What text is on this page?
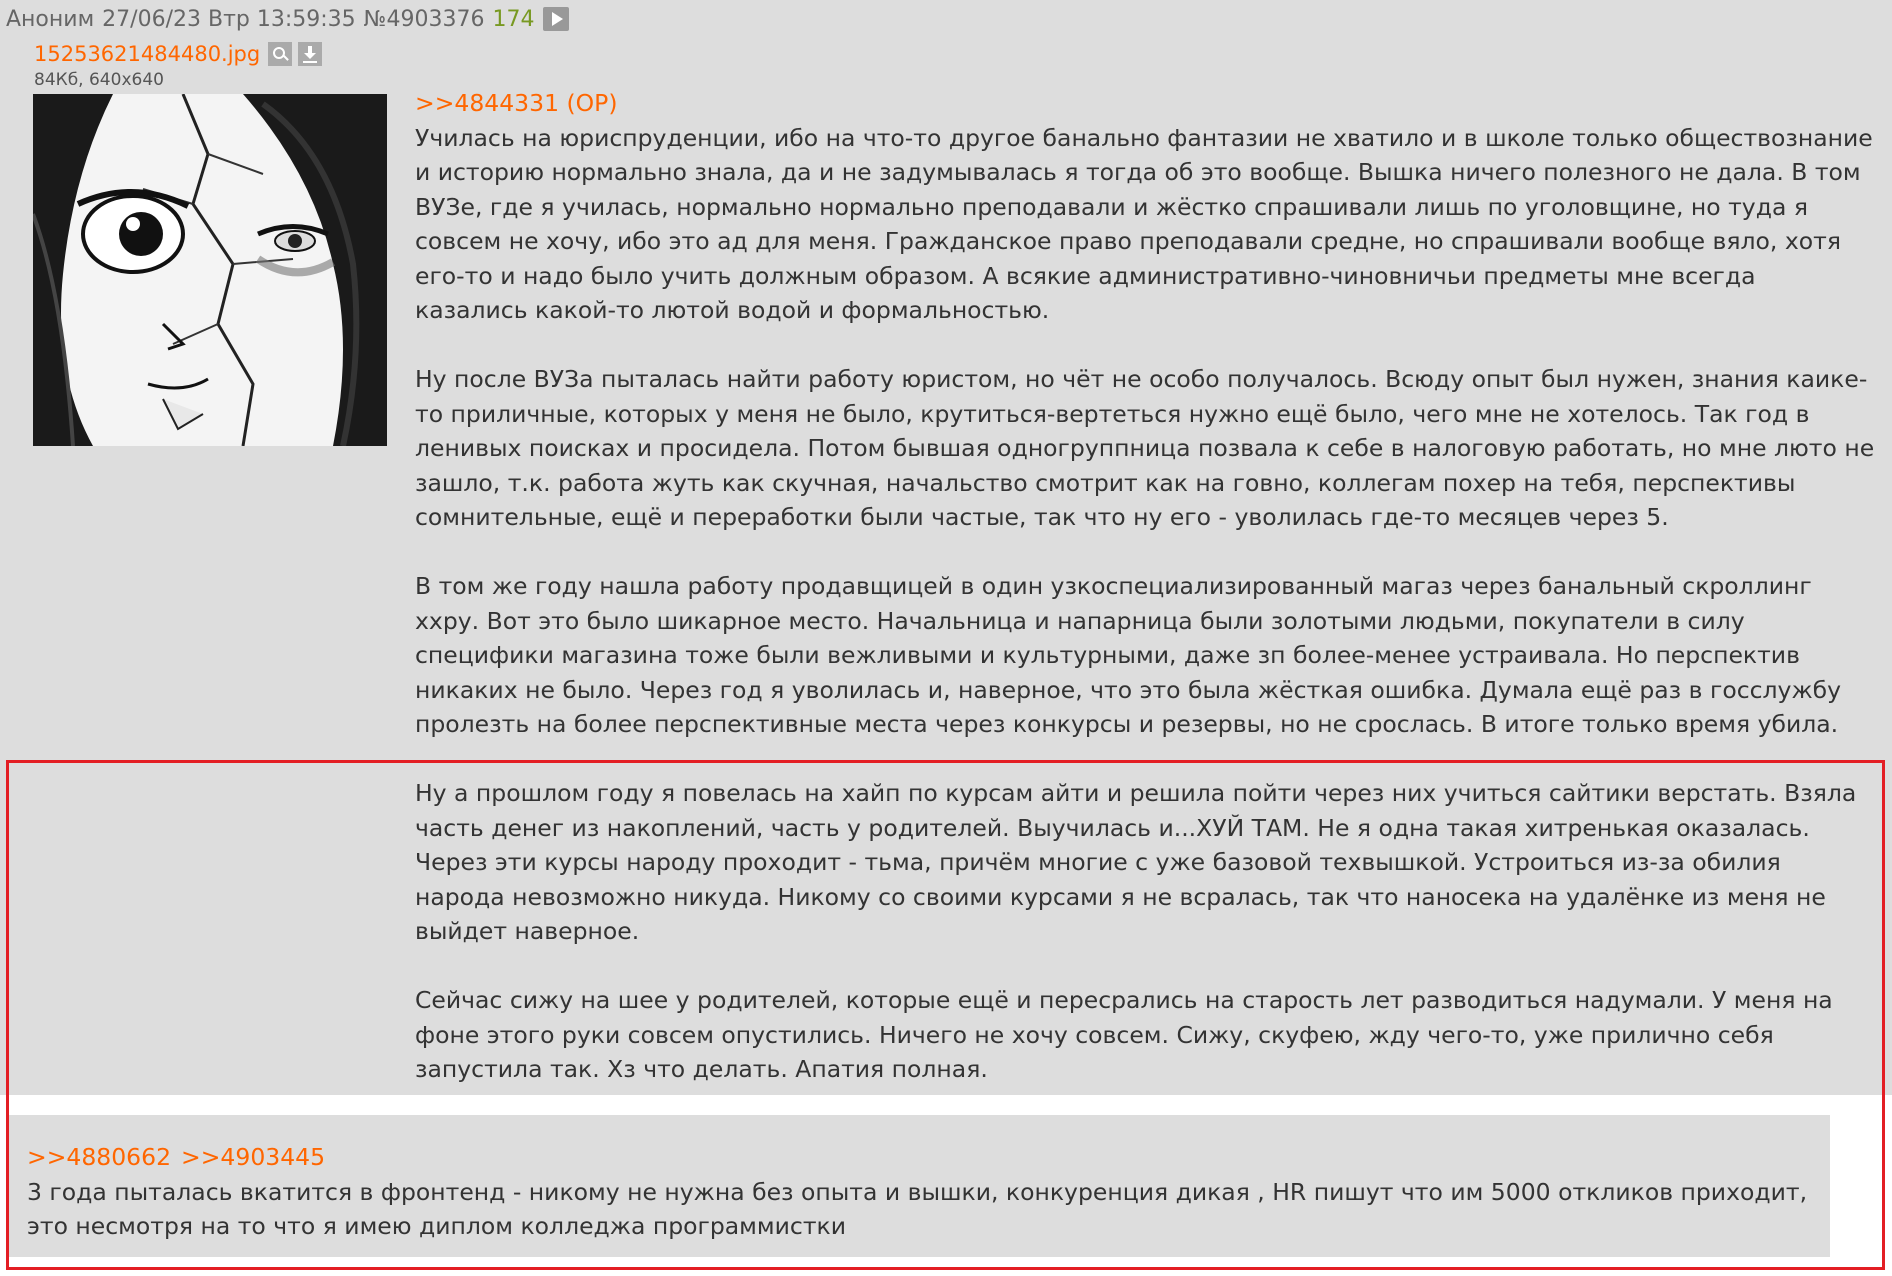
Аноним 27/06/23 Втр 13:59:35 №4903376 174
15253621484480.jpg
84Кб, 640x640
>>4844331 (OP)

Училась на юриспруденции, ибо на что-то другое банально фантазии не хватило и в школе только обществознание и историю нормально знала, да и не задумывалась я тогда об это вообще. Вышка ничего полезного не дала. В том ВУЗе, где я училась, нормально нормально преподавали и жёстко спрашивали лишь по уголовщине, но туда я совсем не хочу, ибо это ад для меня. Гражданское право преподавали средне, но спрашивали вообще вяло, хотя его-то и надо было учить должным образом. А всякие административно-чиновничьи предметы мне всегда казались какой-то лютой водой и формальностью.

Ну после ВУЗа пыталась найти работу юристом, но чёт не особо получалось. Всюду опыт был нужен, знания каике-то приличные, которых у меня не было, крутиться-вертеться нужно ещё было, чего мне не хотелось. Так год в ленивых поисках и просидела. Потом бывшая одногруппница позвала к себе в налоговую работать, но мне люто не зашло, т.к. работа жуть как скучная, начальство смотрит как на говно, коллегам похер на тебя, перспективы сомнительные, ещё и переработки были частые, так что ну его - уволилась где-то месяцев через 5.

В том же году нашла работу продавщицей в один узкоспециализированный магаз через банальный скроллинг ххру. Вот это было шикарное место. Начальница и напарница были золотыми людьми, покупатели в силу специфики магазина тоже были вежливыми и культурными, даже зп более-менее устраивала. Но перспектив никаких не было. Через год я уволилась и, наверное, что это была жёсткая ошибка. Думала ещё раз в госслужбу пролезть на более перспективные места через конкурсы и резервы, но не срослась. В итоге только время убила.

Ну а прошлом году я повелась на хайп по курсам айти и решила пойти через них учиться сайтики верстать. Взяла часть денег из накоплений, часть у родителей. Выучилась и...ХУЙ ТАМ. Не я одна такая хитренькая оказалась. Через эти курсы народу проходит - тьма, причём многие с уже базовой техвышкой. Устроиться из-за обилия народа невозможно никуда. Никому со своими курсами я не всралась, так что наносека на удалёнке из меня не выйдет наверное.

Сейчас сижу на шее у родителей, которые ещё и пересрались на старость лет разводиться надумали. У меня на фоне этого руки совсем опустились. Ничего не хочу совсем. Сижу, скуфею, жду чего-то, уже прилично себя запустила так. Хз что делать. Апатия полная.

>>4880662 >>4903445
3 года пыталась вкатится в фронтенд - никому не нужна без опыта и вышки, конкуренция дикая , HR пишут что им 5000 откликов приходит, это несмотря на то что я имею диплом колледжа программистки
